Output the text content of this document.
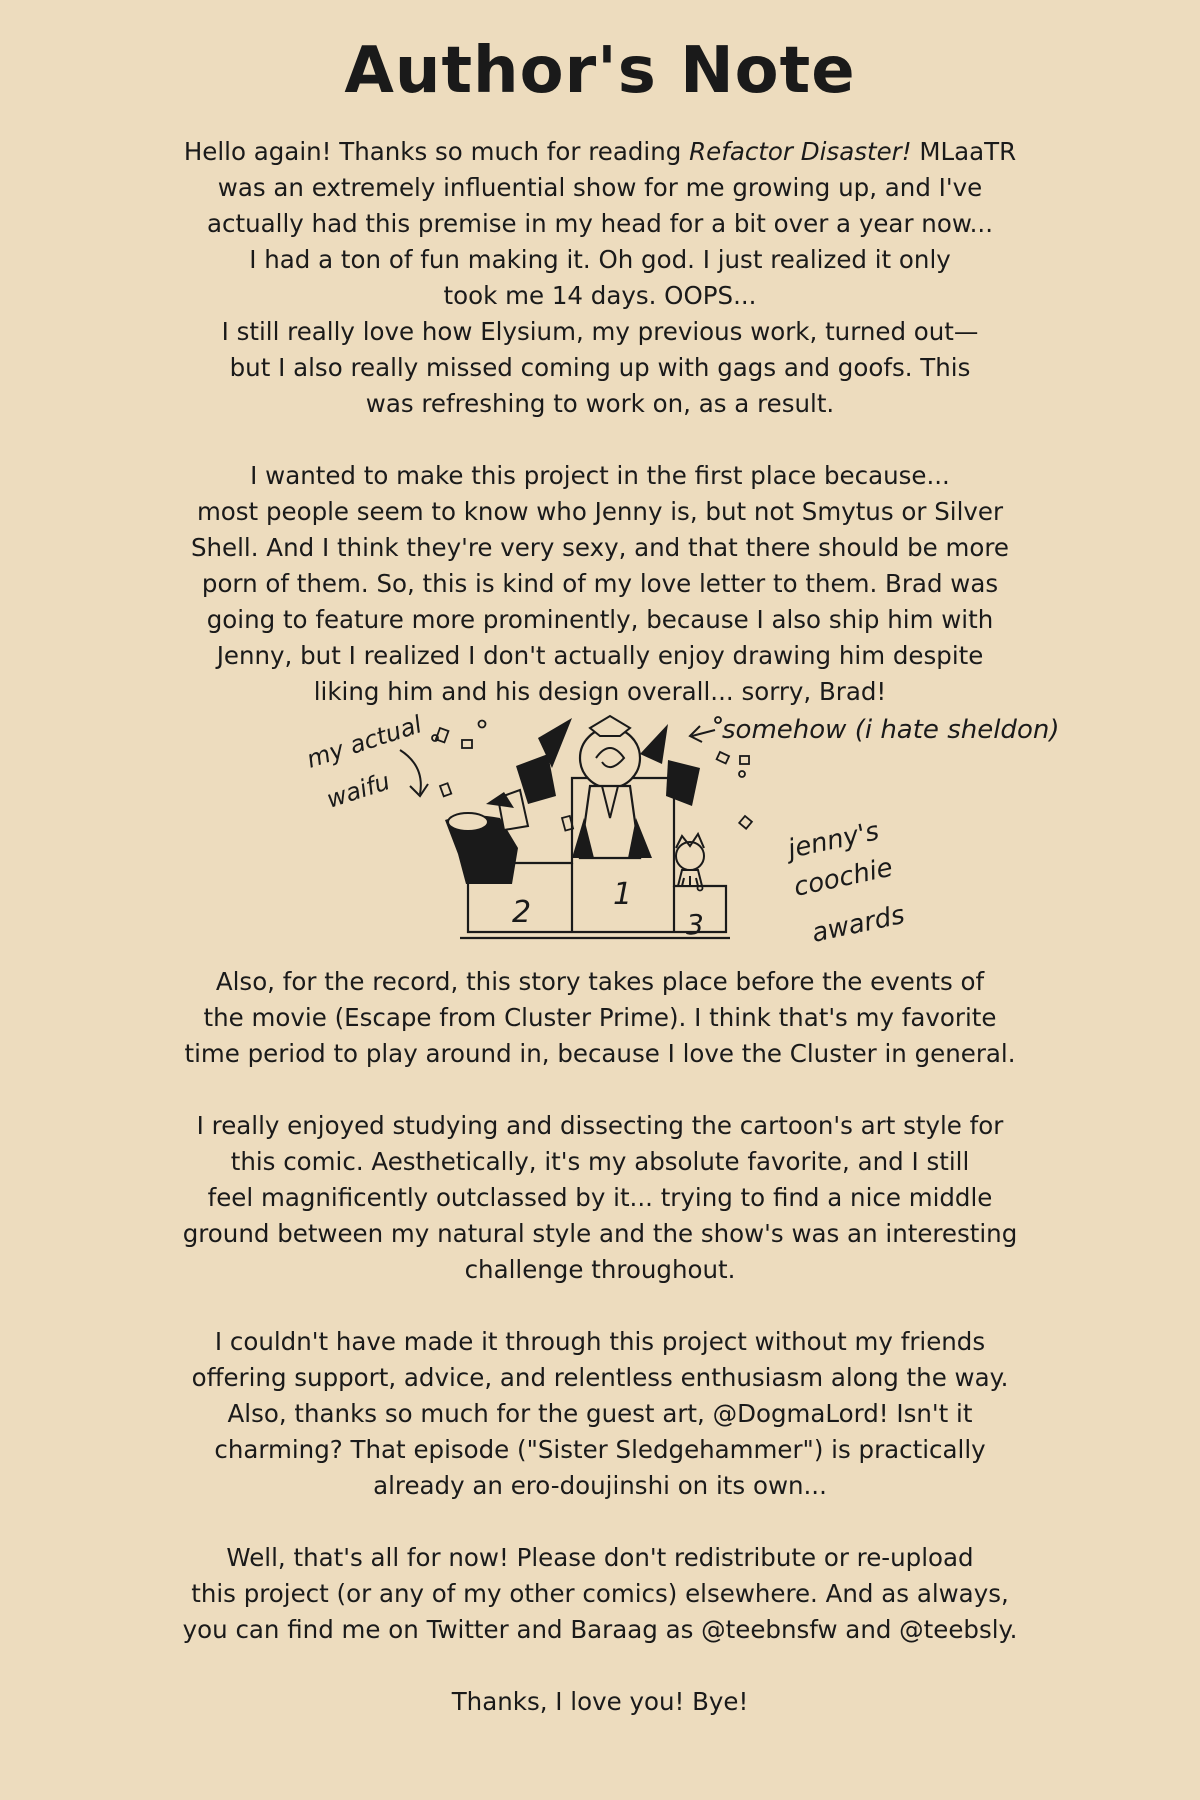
Author's Note
Hello again! Thanks so much for reading Refactor Disaster! MLaaTR
was an extremely influential show for me growing up, and I've
actually had this premise in my head for a bit over a year now...
I had a ton of fun making it. Oh god. I just realized it only
took me 14 days. OOPS...
I still really love how Elysium, my previous work, turned out—
but I also really missed coming up with gags and goofs. This
was refreshing to work on, as a result.
I wanted to make this project in the first place because...
most people seem to know who Jenny is, but not Smytus or Silver
Shell. And I think they're very sexy, and that there should be more
porn of them. So, this is kind of my love letter to them. Brad was
going to feature more prominently, because I also ship him with
Jenny, but I realized I don't actually enjoy drawing him despite
liking him and his design overall... sorry, Brad!
my actual
waifu
somehow (i hate sheldon)
jenny's
coochie
awards
2
1
3
Also, for the record, this story takes place before the events of
the movie (Escape from Cluster Prime). I think that's my favorite
time period to play around in, because I love the Cluster in general.
I really enjoyed studying and dissecting the cartoon's art style for
this comic. Aesthetically, it's my absolute favorite, and I still
feel magnificently outclassed by it... trying to find a nice middle
ground between my natural style and the show's was an interesting
challenge throughout.
I couldn't have made it through this project without my friends
offering support, advice, and relentless enthusiasm along the way.
Also, thanks so much for the guest art, @DogmaLord! Isn't it
charming? That episode ("Sister Sledgehammer") is practically
already an ero-doujinshi on its own...
Well, that's all for now! Please don't redistribute or re-upload
this project (or any of my other comics) elsewhere. And as always,
you can find me on Twitter and Baraag as @teebnsfw and @teebsly.
Thanks, I love you! Bye!
